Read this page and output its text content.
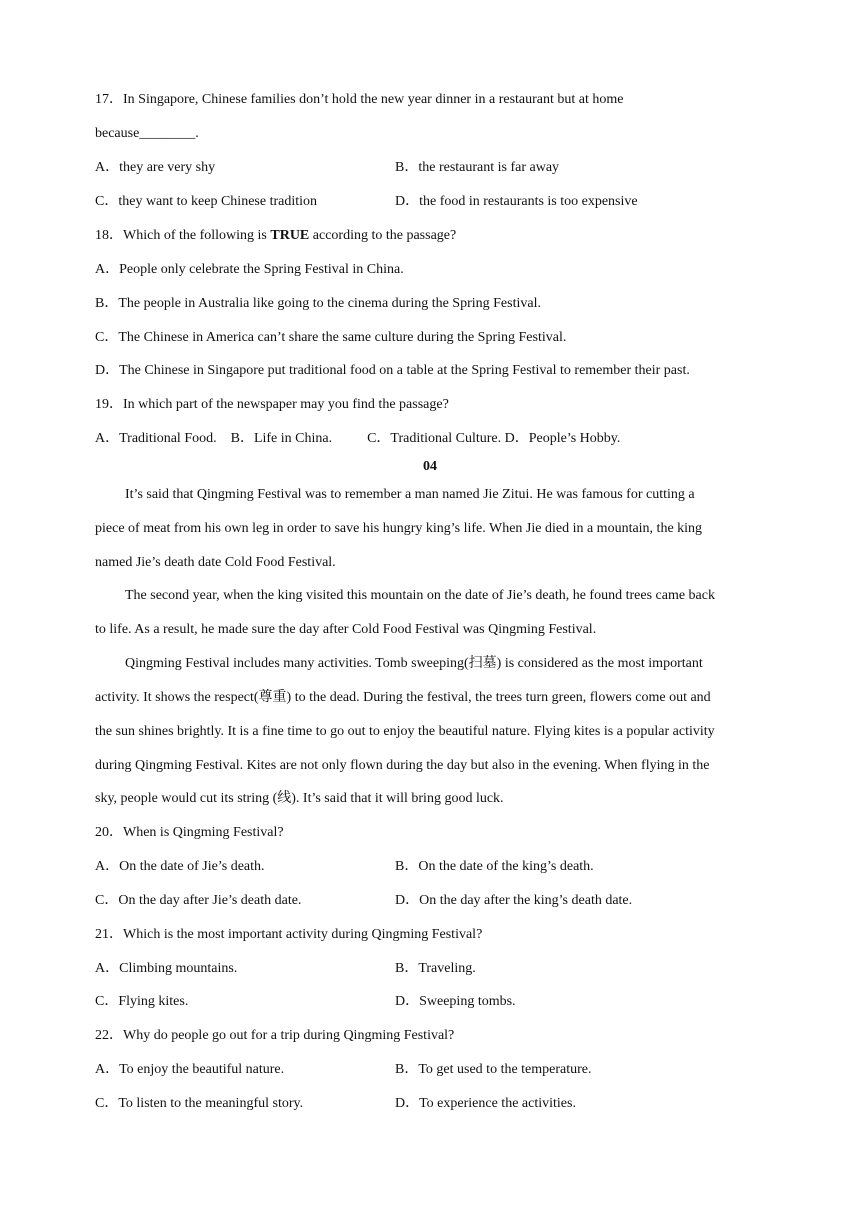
17．In Singapore, Chinese families don’t hold the new year dinner in a restaurant but at home
because________.
A．they are very shy	B．the restaurant is far away
C．they want to keep Chinese tradition	D．the food in restaurants is too expensive
18．Which of the following is TRUE according to the passage?
A．People only celebrate the Spring Festival in China.
B．The people in Australia like going to the cinema during the Spring Festival.
C．The Chinese in America can’t share the same culture during the Spring Festival.
D．The Chinese in Singapore put traditional food on a table at the Spring Festival to remember their past.
19．In which part of the newspaper may you find the passage?
A．Traditional Food.    B．Life in China.          C．Traditional Culture. D．People’s Hobby.
04
It’s said that Qingming Festival was to remember a man named Jie Zitui. He was famous for cutting a
piece of meat from his own leg in order to save his hungry king’s life. When Jie died in a mountain, the king
named Jie’s death date Cold Food Festival.
The second year, when the king visited this mountain on the date of Jie’s death, he found trees came back
to life. As a result, he made sure the day after Cold Food Festival was Qingming Festival.
Qingming Festival includes many activities. Tomb sweeping(扫墓) is considered as the most important
activity. It shows the respect(尊重) to the dead. During the festival, the trees turn green, flowers come out and
the sun shines brightly. It is a fine time to go out to enjoy the beautiful nature. Flying kites is a popular activity
during Qingming Festival. Kites are not only flown during the day but also in the evening. When flying in the
sky, people would cut its string (线). It’s said that it will bring good luck.
20．When is Qingming Festival?
A．On the date of Jie’s death.	B．On the date of the king’s death.
C．On the day after Jie’s death date.	D．On the day after the king’s death date.
21．Which is the most important activity during Qingming Festival?
A．Climbing mountains.	B．Traveling.
C．Flying kites.	D．Sweeping tombs.
22．Why do people go out for a trip during Qingming Festival?
A．To enjoy the beautiful nature.	B．To get used to the temperature.
C．To listen to the meaningful story.	D．To experience the activities.
